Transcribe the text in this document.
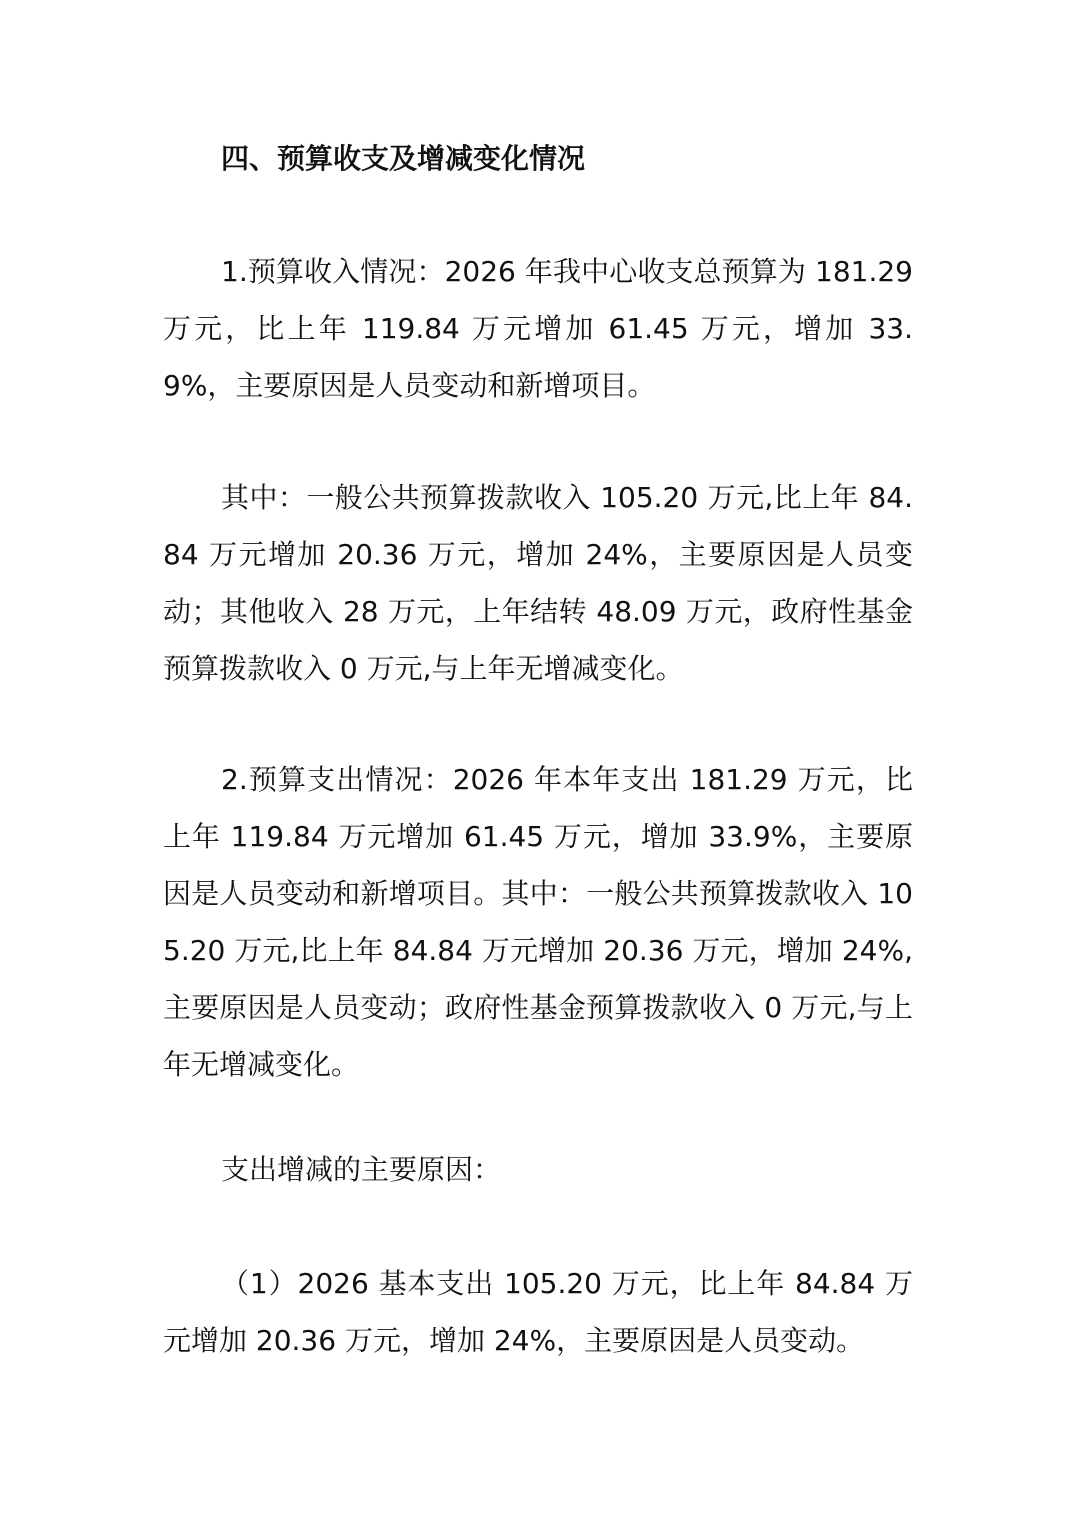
四、预算收支及增减变化情况

1.预算收入情况：2026 年我中心收支总预算为 181.29 万元，比上年 119.84 万元增加 61.45 万元，增加 33.9%，主要原因是人员变动和新增项目。

其中：一般公共预算拨款收入 105.20 万元,比上年 84.84 万元增加 20.36 万元，增加 24%，主要原因是人员变动；其他收入 28 万元，上年结转 48.09 万元，政府性基金预算拨款收入 0 万元,与上年无增减变化。

2.预算支出情况：2026 年本年支出 181.29 万元，比上年 119.84 万元增加 61.45 万元，增加 33.9%，主要原因是人员变动和新增项目。其中：一般公共预算拨款收入 105.20 万元,比上年 84.84 万元增加 20.36 万元，增加 24%,主要原因是人员变动；政府性基金预算拨款收入 0 万元,与上年无增减变化。

支出增减的主要原因：

（1）2026 基本支出 105.20 万元，比上年 84.84 万元增加 20.36 万元，增加 24%，主要原因是人员变动。
